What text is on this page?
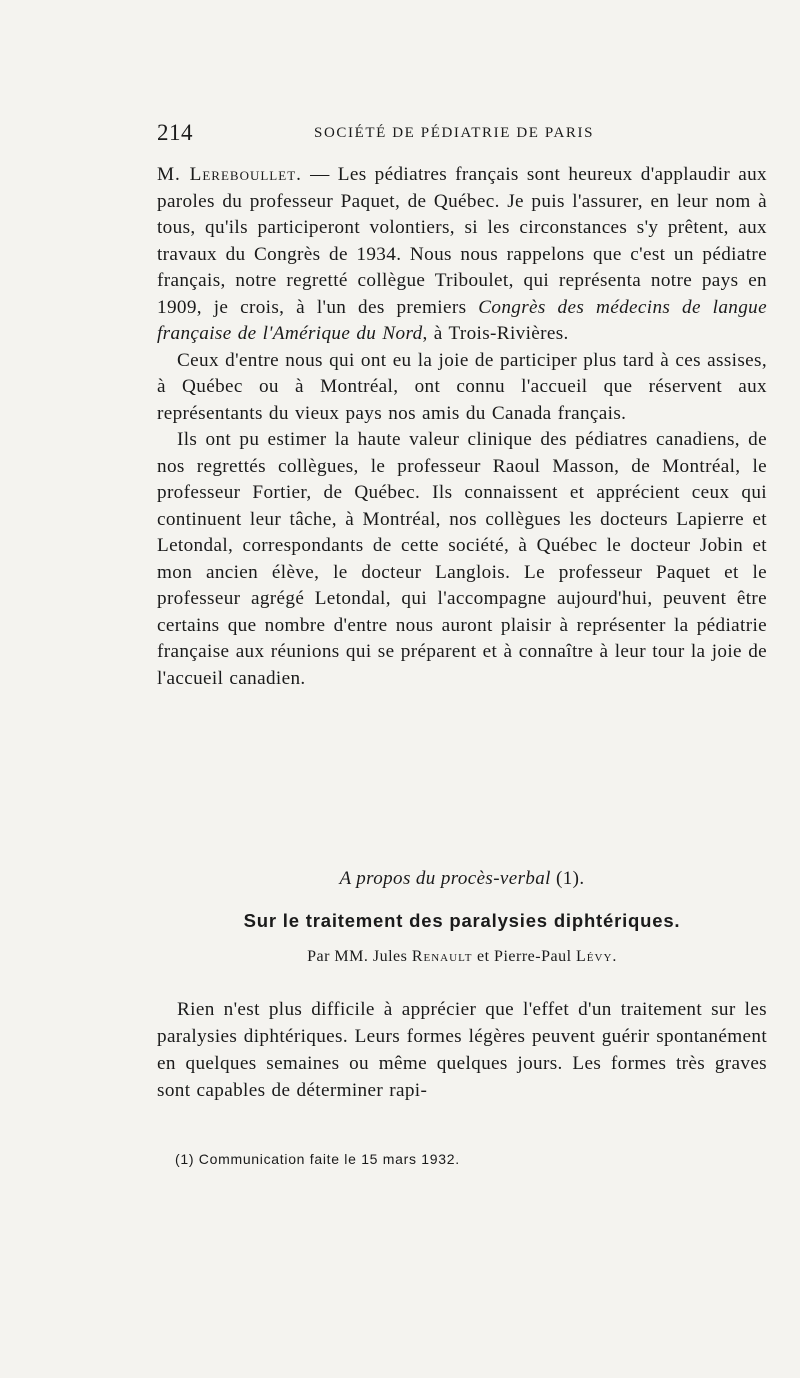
214	SOCIÉTÉ DE PÉDIATRIE DE PARIS

M. Lereboullet. — Les pédiatres français sont heureux d'applaudir aux paroles du professeur Paquet, de Québec. Je puis l'assurer, en leur nom à tous, qu'ils participeront volontiers, si les circonstances s'y prêtent, aux travaux du Congrès de 1934. Nous nous rappelons que c'est un pédiatre français, notre regretté collègue Triboulet, qui représenta notre pays en 1909, je crois, à l'un des premiers Congrès des médecins de langue française de l'Amérique du Nord, à Trois-Rivières.

Ceux d'entre nous qui ont eu la joie de participer plus tard à ces assises, à Québec ou à Montréal, ont connu l'accueil que réservent aux représentants du vieux pays nos amis du Canada français.

Ils ont pu estimer la haute valeur clinique des pédiatres canadiens, de nos regrettés collègues, le professeur Raoul Masson, de Montréal, le professeur Fortier, de Québec. Ils connaissent et apprécient ceux qui continuent leur tâche, à Montréal, nos collègues les docteurs Lapierre et Letondal, correspondants de cette société, à Québec le docteur Jobin et mon ancien élève, le docteur Langlois. Le professeur Paquet et le professeur agrégé Letondal, qui l'accompagne aujourd'hui, peuvent être certains que nombre d'entre nous auront plaisir à représenter la pédiatrie française aux réunions qui se préparent et à connaître à leur tour la joie de l'accueil canadien.

A propos du procès-verbal (1).

Sur le traitement des paralysies diphtériques.

Par MM. Jules Renault et Pierre-Paul Lévy.

Rien n'est plus difficile à apprécier que l'effet d'un traitement sur les paralysies diphtériques. Leurs formes légères peuvent guérir spontanément en quelques semaines ou même quelques jours. Les formes très graves sont capables de déterminer rapi-

(1) Communication faite le 15 mars 1932.
